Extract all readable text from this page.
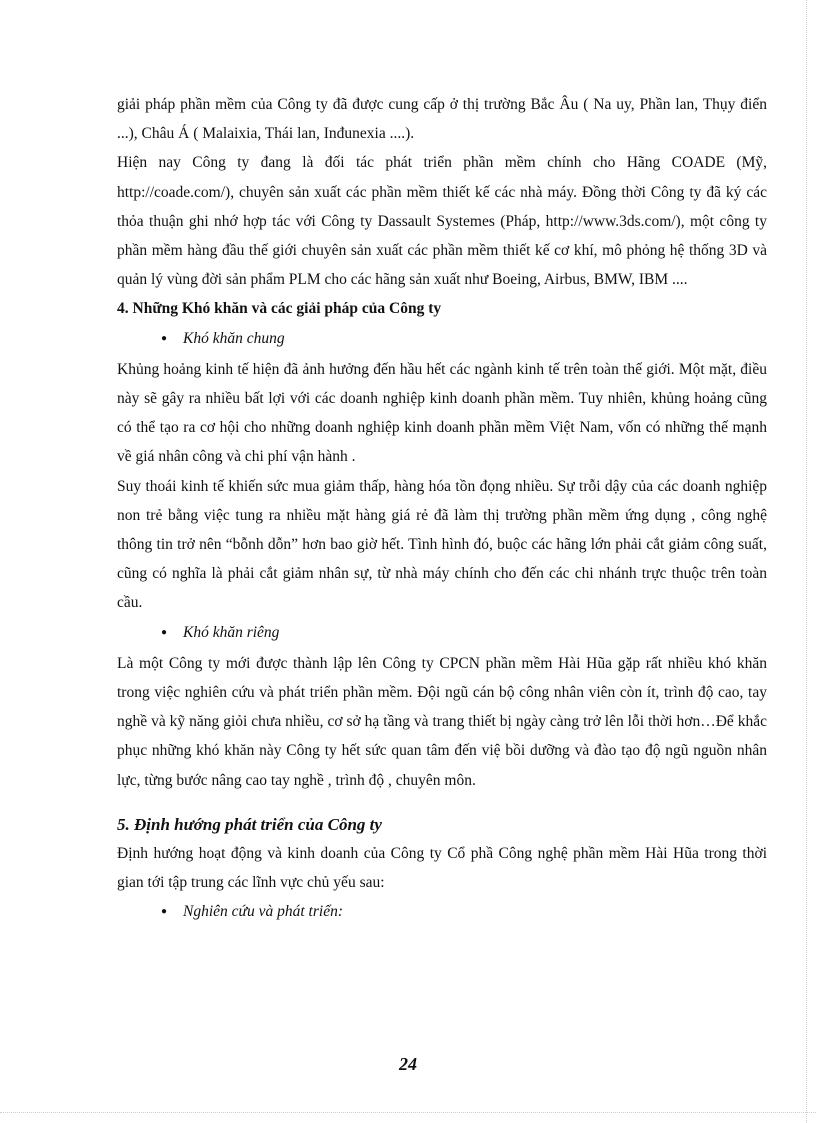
giải pháp phần mềm của Công ty đã được cung cấp ở thị trường Bắc Âu ( Na uy, Phần lan, Thụy điển ...), Châu Á ( Malaixia, Thái lan, Inđunexia ....).

Hiện nay Công ty đang là đối tác phát triển phần mềm chính cho Hãng COADE (Mỹ, http://coade.com/), chuyên sản xuất các phần mềm thiết kế các nhà máy. Đồng thời Công ty đã ký các thỏa thuận ghi nhớ hợp tác với Công ty Dassault Systemes (Pháp, http://www.3ds.com/), một công ty phần mềm hàng đầu thế giới chuyên sản xuất các phần mềm thiết kế cơ khí, mô phỏng hệ thống 3D và quản lý vùng đời sản phẩm PLM cho các hãng sản xuất như Boeing, Airbus, BMW, IBM ....

4. Những Khó khăn và các giải pháp của Công ty

●	Khó khăn chung

Khủng hoảng kinh tế hiện đã ảnh hưởng đến hầu hết các ngành kinh tế trên toàn thế giới. Một mặt, điều này sẽ gây ra nhiều bất lợi với các doanh nghiệp kinh doanh phần mềm. Tuy nhiên, khủng hoảng cũng có thể tạo ra cơ hội cho những doanh nghiệp kinh doanh phần mềm Việt Nam, vốn có những thế mạnh về giá nhân công và chi phí vận hành .

Suy thoái kinh tế khiến sức mua giảm thấp, hàng hóa tồn đọng nhiều. Sự trỗi dậy của các doanh nghiệp non trẻ bằng việc tung ra nhiều mặt hàng giá rẻ đã làm thị trường phần mềm ứng dụng , công nghệ thông tin trở nên “bỗnh dỗn” hơn bao giờ hết. Tình hình đó, buộc các hãng lớn phải cắt giảm công suất, cũng có nghĩa là phải cắt giảm nhân sự, từ nhà máy chính cho đến các chi nhánh trực thuộc trên toàn cầu.

●	Khó khăn riêng

Là một Công ty mới được thành lập lên Công ty CPCN phần mềm Hài Hũa gặp rất nhiều khó khăn trong việc nghiên cứu và phát triển phần mềm. Đội ngũ cán bộ công nhân viên còn ít, trình độ cao, tay nghề và kỹ năng giỏi chưa nhiều, cơ sở hạ tầng và trang thiết bị ngày càng trở lên lỗi thời hơn…Để khắc phục những khó khăn này Công ty hết sức quan tâm đến việ bồi dưỡng và đào tạo độ ngũ nguồn nhân lực, từng bước nâng cao tay nghề , trình độ , chuyên môn.

5. Định hướng phát triển của Công ty

Định hướng hoạt động và kinh doanh của Công ty Cổ phầ Công nghệ phần mềm Hài Hũa trong thời gian tới tập trung các lĩnh vực chủ yếu sau:

●	Nghiên cứu và phát triển:
24
